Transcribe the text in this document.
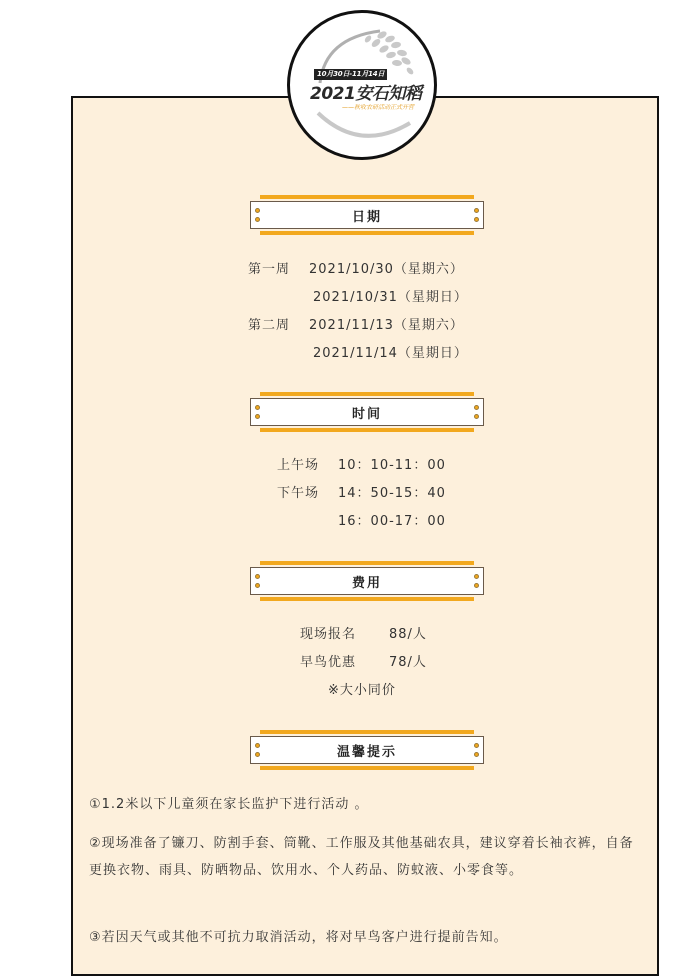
10月30日-11月14日
2021安石知稻
——秋收农研活动正式开营
日期
第一周 2021/10/30（星期六）
2021/10/31（星期日）
第二周 2021/11/13（星期六）
2021/11/14（星期日）
时间
上午场 10：10-11：00
下午场 14：50-15：40
16：00-17：00
费用
现场报名	88/人
早鸟优惠	78/人
※大小同价
温馨提示
①1.2米以下儿童须在家长监护下进行活动 。
②现场准备了镰刀、防割手套、筒靴、工作服及其他基础农具，建议穿着长袖衣裤，自备更换衣物、雨具、防晒物品、饮用水、个人药品、防蚊液、小零食等。
③若因天气或其他不可抗力取消活动，将对早鸟客户进行提前告知。
